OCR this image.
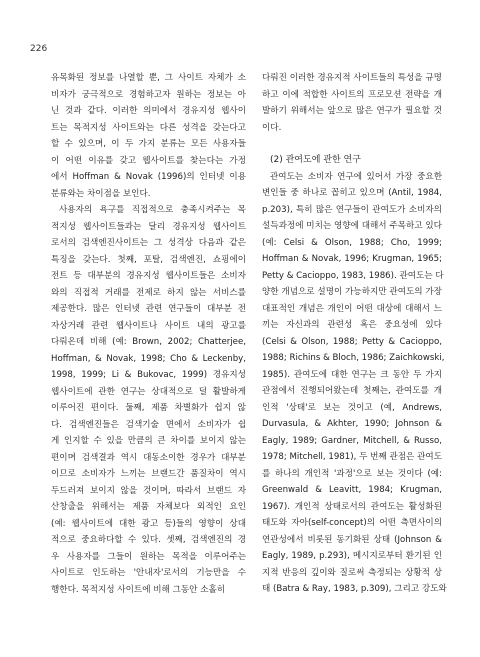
226
유목화된 정보를 나열할 뿐, 그 사이트 자체가 소
비자가 궁극적으로 경험하고자 원하는 정보는 아
닌 것과 같다. 이러한 의미에서 경유지성 웹사이
트는 목적지성 사이트와는 다른 성격을 갖는다고
할 수 있으며, 이 두 가지 분류는 모든 사용자들
이 어떤 이유를 갖고 웹사이트를 찾는다는 가정
에서 Hoffman & Novak (1996)의 인터넷 이용
분류와는 차이점을 보인다.
사용자의 욕구를 직접적으로 충족시켜주는 목
적지성 웹사이트들과는 달리 경유지성 웹사이트
로서의 검색엔진사이트는 그 성격상 다음과 같은
특징을 갖는다. 첫째, 포탈, 검색엔진, 쇼핑에이
전트 등 대부분의 경유지성 웹사이트들은 소비자
와의 직접적 거래를 전제로 하지 않는 서비스를
제공한다. 많은 인터넷 관련 연구들이 대부분 전
자상거래 관련 웹사이트나 사이트 내의 광고를
다뤄온데 비해 (예: Brown, 2002; Chatterjee,
Hoffman, & Novak, 1998; Cho & Leckenby,
1998, 1999; Li & Bukovac, 1999) 경유지성
웹사이트에 관한 연구는 상대적으로 덜 활발하게
이루어진 편이다. 둘째, 제품 차별화가 쉽지 않
다. 검색엔진들은 검색기술 면에서 소비자가 쉽
게 인지할 수 있을 만큼의 큰 차이를 보이지 않는
편이며 검색결과 역시 대동소이한 경우가 대부분
이므로 소비자가 느끼는 브랜드간 품질차이 역시
두드러져 보이지 않을 것이며, 따라서 브랜드 자
산창출을 위해서는 제품 자체보다 외적인 요인
(예: 웹사이트에 대한 광고 등)들의 영향이 상대
적으로 중요하다할 수 있다. 셋째, 검색엔진의 경
우 사용자를 그들이 원하는 목적을 이루어주는
사이트로 인도하는 '안내자'로서의 기능만을 수
행한다. 목적지성 사이트에 비해 그동안 소홀히
다뤄진 이러한 경유지적 사이트들의 특성을 규명
하고 이에 적합한 사이트의 프로모션 전략을 개
발하기 위해서는 앞으로 많은 연구가 필요할 것
이다.
(2) 관여도에 관한 연구
관여도는 소비자 연구에 있어서 가장 중요한
변인들 중 하나로 꼽히고 있으며 (Antil, 1984,
p.203), 특히 많은 연구들이 관여도가 소비자의
설득과정에 미치는 영향에 대해서 주목하고 있다
(예: Celsi & Olson, 1988; Cho, 1999;
Hoffman & Novak, 1996; Krugman, 1965;
Petty & Cacioppo, 1983, 1986). 관여도는 다
양한 개념으로 설명이 가능하지만 관여도의 가장
대표적인 개념은 개인이 어떤 대상에 대해서 느
끼는 자신과의 관련성 혹은 중요성에 있다
(Celsi & Olson, 1988; Petty & Cacioppo,
1988; Richins & Bloch, 1986; Zaichkowski,
1985). 관여도에 대한 연구는 크 동안 두 가지
관점에서 진행되어왔는데 첫째는, 관여도를 개
인적 '상태'로 보는 것이고 (예, Andrews,
Durvasula, & Akhter, 1990; Johnson &
Eagly, 1989; Gardner, Mitchell, & Russo,
1978; Mitchell, 1981), 두 번째 관점은 관여도
를 하나의 개인적 '과정'으로 보는 것이다 (예:
Greenwald & Leavitt, 1984; Krugman,
1967). 개인적 상태로서의 관여도는 활성화된
태도와 자아(self-concept)의 어떤 측면사이의
연관성에서 비롯된 동기화된 상태 (Johnson &
Eagly, 1989, p.293), 메시지로부터 환기된 인
지적 반응의 깊이와 질로써 측정되는 상황적 상
태 (Batra & Ray, 1983, p.309), 그리고 강도와
